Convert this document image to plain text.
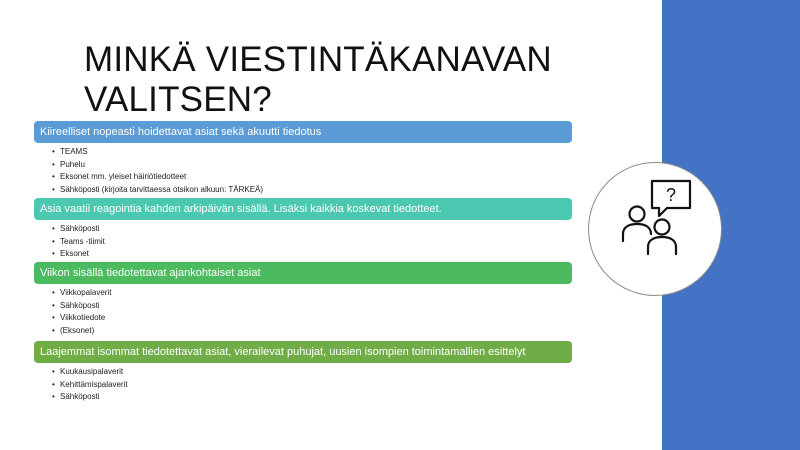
MINKÄ VIESTINTÄKANAVAN VALITSEN?
Kiireelliset nopeasti hoidettavat asiat sekä akuutti tiedotus
• TEAMS
• Puhelu
• Eksonet mm. yleiset häiriötiedotteet
• Sähköposti (kirjoita tarvittaessa otsikon alkuun: TÄRKEÄ)
Asia vaatii reagointia kahden arkipäivän sisällä. Lisäksi kaikkia koskevat tiedotteet.
• Sähköposti
• Teams -tiimit
• Eksonet
Viikon sisällä tiedotettavat ajankohtaiset asiat
• Viikkopalaverit
• Sähköposti
• Viikkotiedote
• (Eksonet)
Laajemmat isommat tiedotettavat asiat, vierailevat puhujat, uusien isompien toimintamallien esittelyt
• Kuukausipalaverit
• Kehittämispalaverit
• Sähköposti
?
